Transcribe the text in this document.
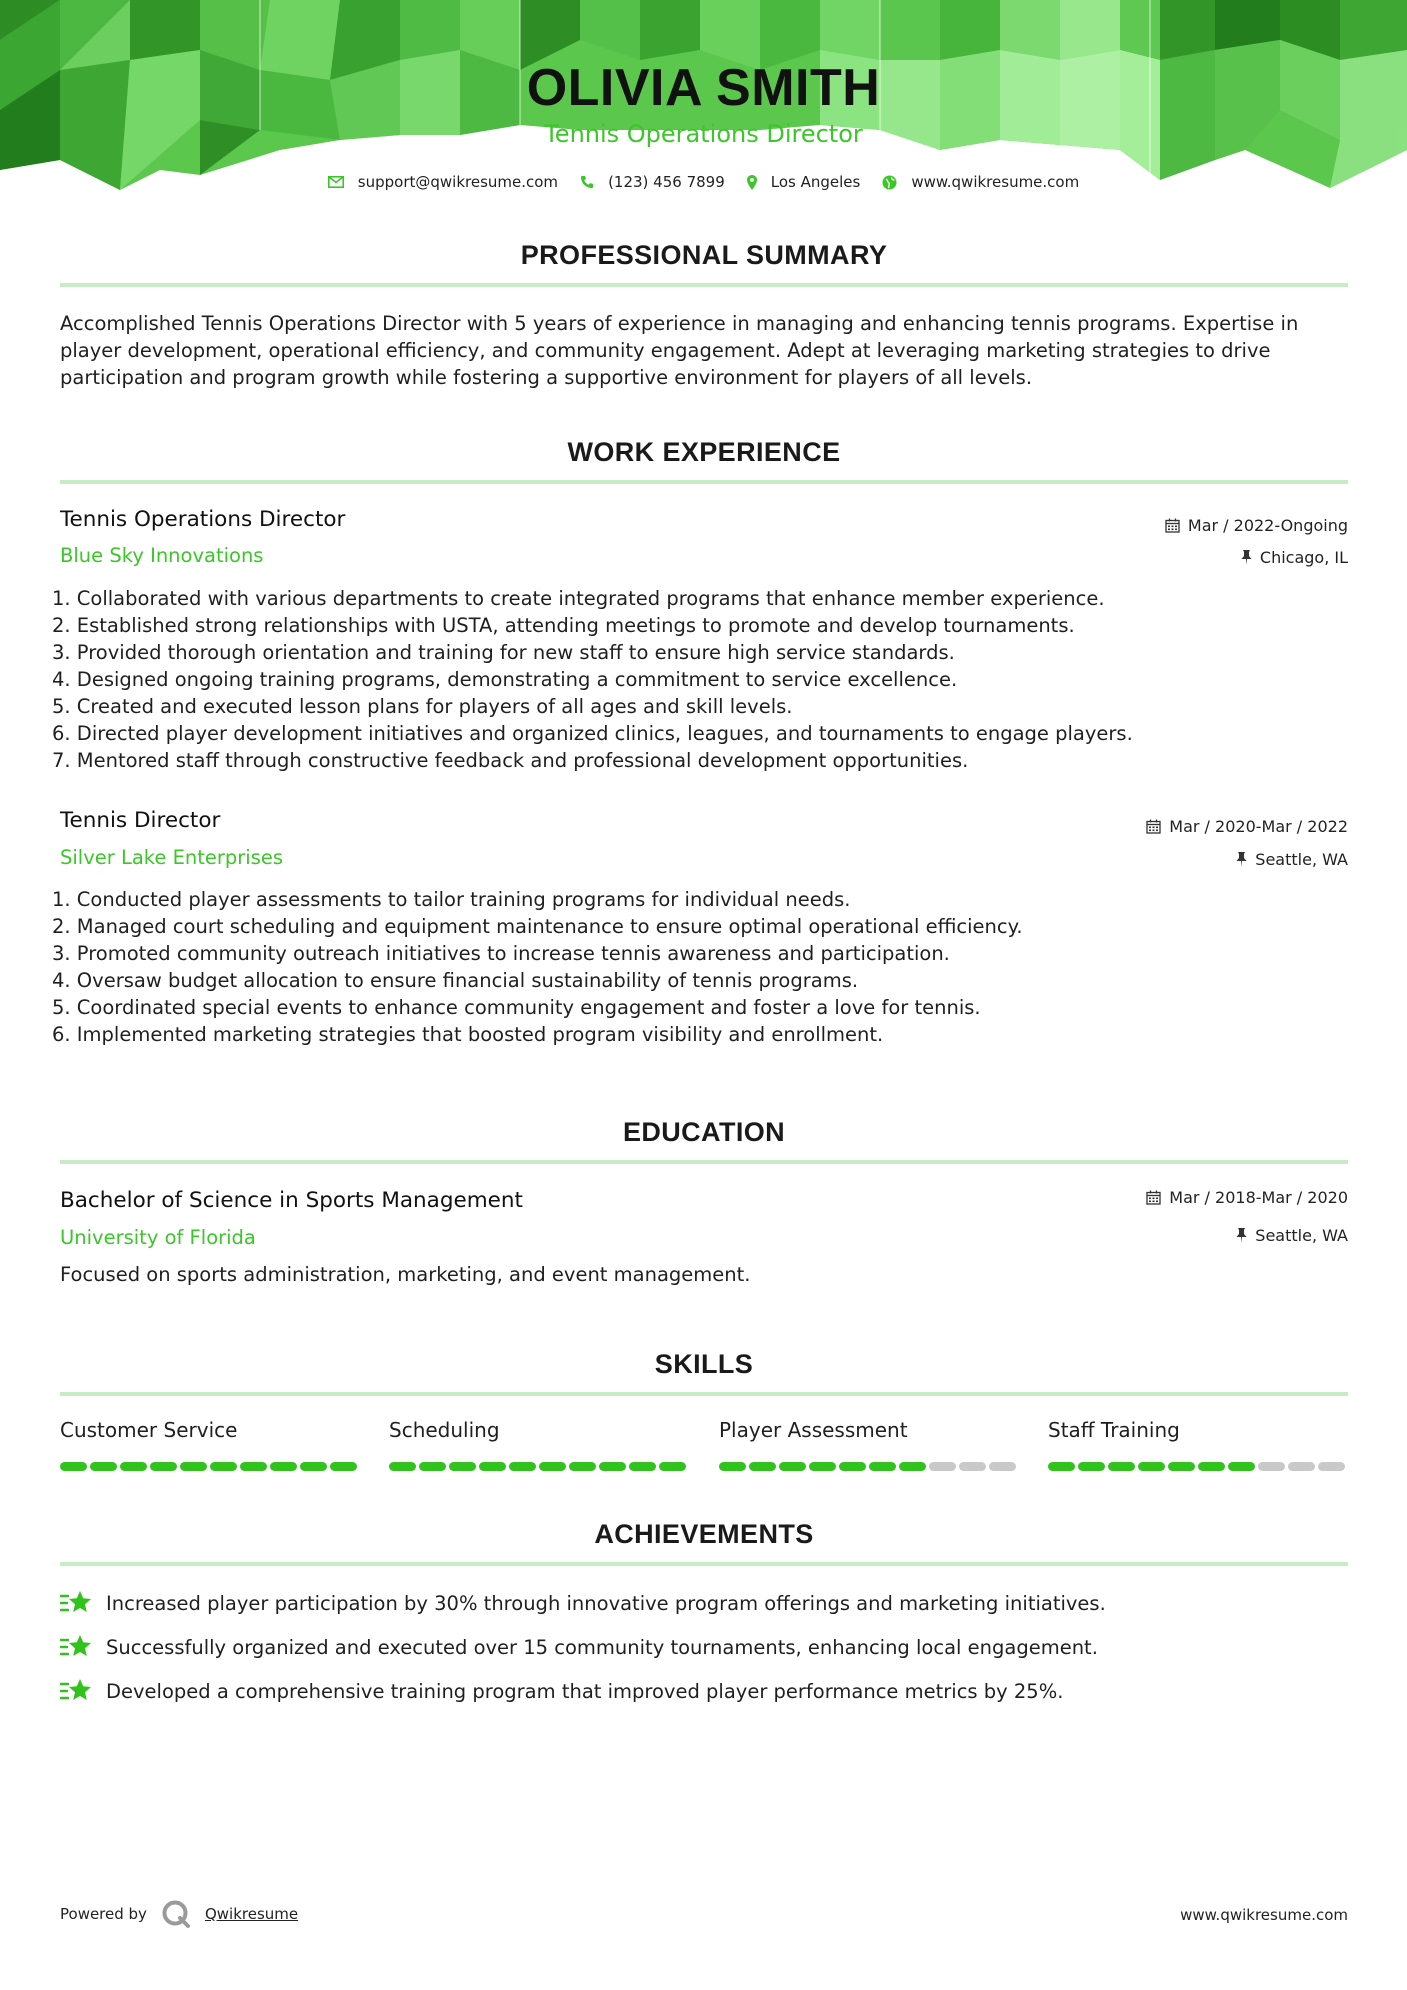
OLIVIA SMITH
Tennis Operations Director
support@qwikresume.com	(123) 456 7899	Los Angeles	www.qwikresume.com
PROFESSIONAL SUMMARY
Accomplished Tennis Operations Director with 5 years of experience in managing and enhancing tennis programs. Expertise in
player development, operational efficiency, and community engagement. Adept at leveraging marketing strategies to drive
participation and program growth while fostering a supportive environment for players of all levels.
WORK EXPERIENCE
Tennis Operations Director
Blue Sky Innovations
Mar / 2022-Ongoing
Chicago, IL
1. Collaborated with various departments to create integrated programs that enhance member experience.
2. Established strong relationships with USTA, attending meetings to promote and develop tournaments.
3. Provided thorough orientation and training for new staff to ensure high service standards.
4. Designed ongoing training programs, demonstrating a commitment to service excellence.
5. Created and executed lesson plans for players of all ages and skill levels.
6. Directed player development initiatives and organized clinics, leagues, and tournaments to engage players.
7. Mentored staff through constructive feedback and professional development opportunities.
Tennis Director
Silver Lake Enterprises
Mar / 2020-Mar / 2022
Seattle, WA
1. Conducted player assessments to tailor training programs for individual needs.
2. Managed court scheduling and equipment maintenance to ensure optimal operational efficiency.
3. Promoted community outreach initiatives to increase tennis awareness and participation.
4. Oversaw budget allocation to ensure financial sustainability of tennis programs.
5. Coordinated special events to enhance community engagement and foster a love for tennis.
6. Implemented marketing strategies that boosted program visibility and enrollment.
EDUCATION
Bachelor of Science in Sports Management
University of Florida
Mar / 2018-Mar / 2020
Seattle, WA
Focused on sports administration, marketing, and event management.
SKILLS
Customer Service	Scheduling	Player Assessment	Staff Training
ACHIEVEMENTS
Increased player participation by 30% through innovative program offerings and marketing initiatives.
Successfully organized and executed over 15 community tournaments, enhancing local engagement.
Developed a comprehensive training program that improved player performance metrics by 25%.
Powered by	Qwikresume	www.qwikresume.com
